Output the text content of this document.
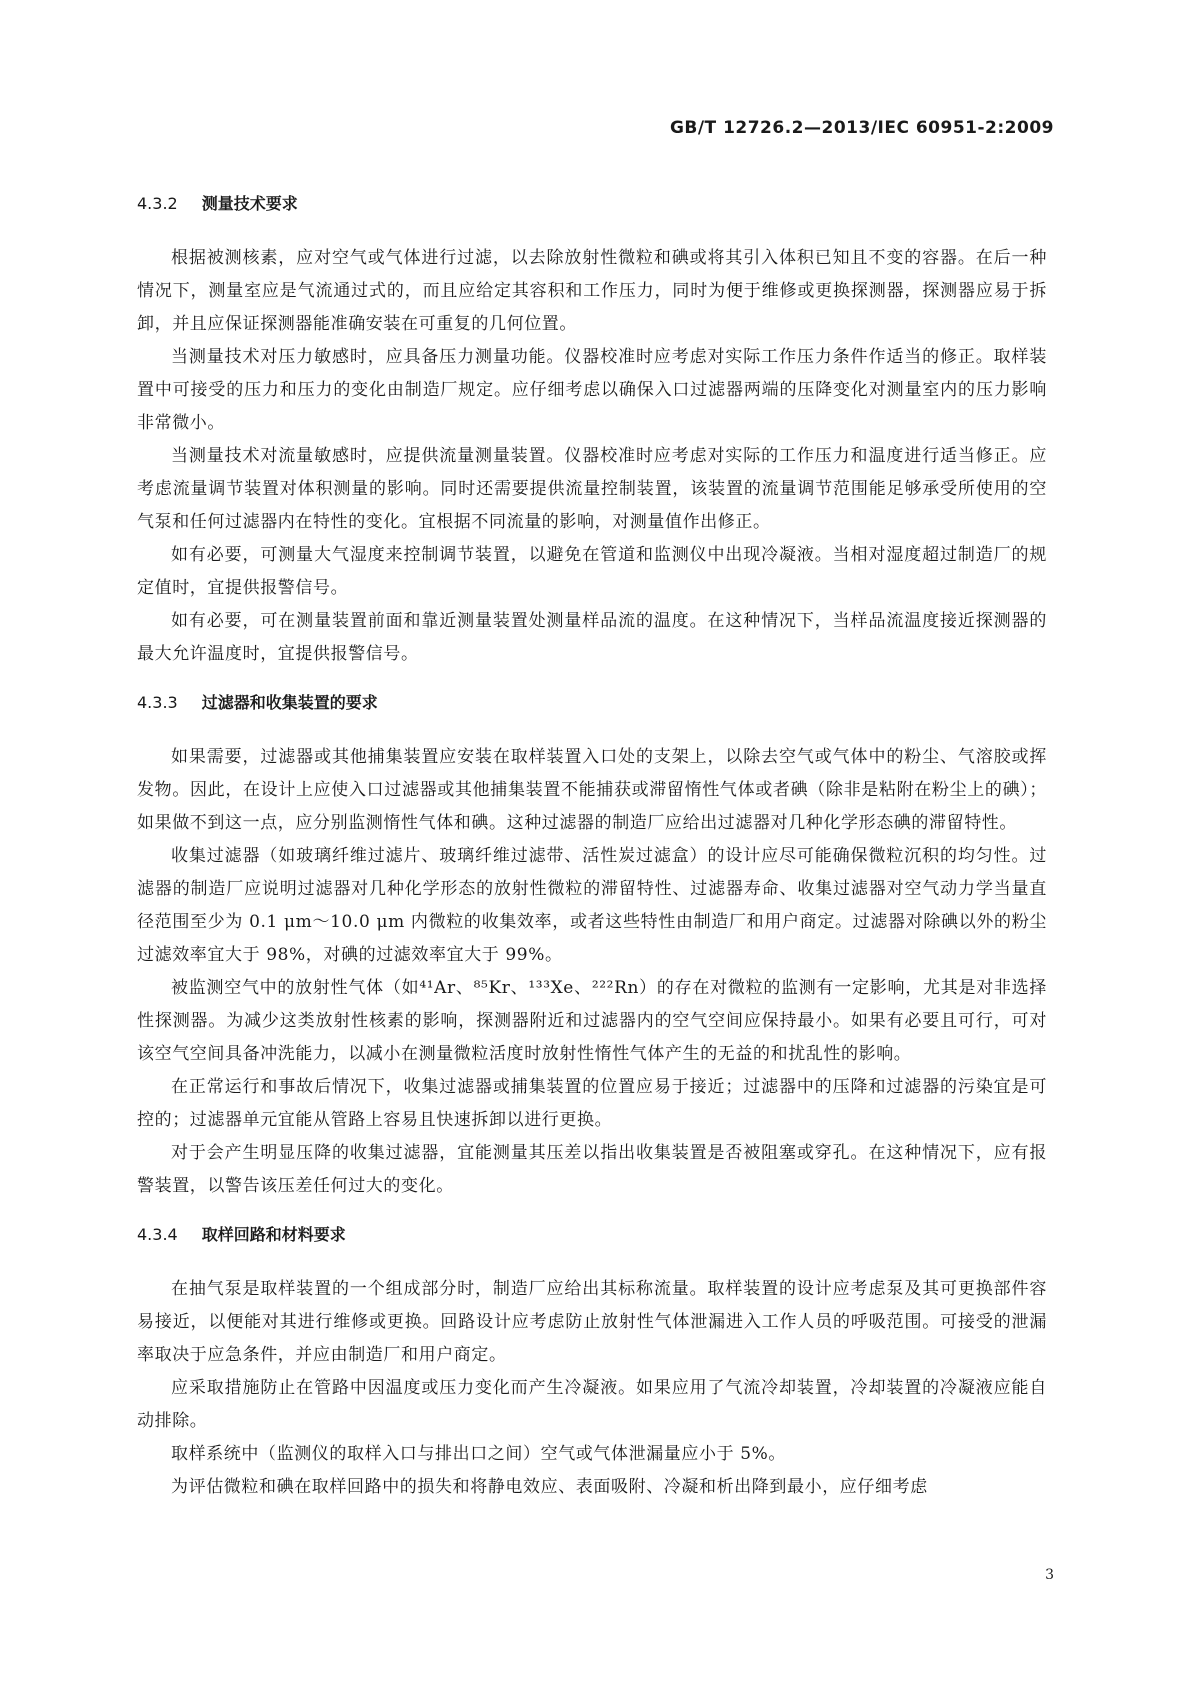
GB/T 12726.2—2013/IEC 60951-2:2009
4.3.2 测量技术要求

根据被测核素，应对空气或气体进行过滤，以去除放射性微粒和碘或将其引入体积已知且不变的容器。在后一种情况下，测量室应是气流通过式的，而且应给定其容积和工作压力，同时为便于维修或更换探测器，探测器应易于拆卸，并且应保证探测器能准确安装在可重复的几何位置。

当测量技术对压力敏感时，应具备压力测量功能。仪器校准时应考虑对实际工作压力条件作适当的修正。取样装置中可接受的压力和压力的变化由制造厂规定。应仔细考虑以确保入口过滤器两端的压降变化对测量室内的压力影响非常微小。

当测量技术对流量敏感时，应提供流量测量装置。仪器校准时应考虑对实际的工作压力和温度进行适当修正。应考虑流量调节装置对体积测量的影响。同时还需要提供流量控制装置，该装置的流量调节范围能足够承受所使用的空气泵和任何过滤器内在特性的变化。宜根据不同流量的影响，对测量值作出修正。

如有必要，可测量大气湿度来控制调节装置，以避免在管道和监测仪中出现冷凝液。当相对湿度超过制造厂的规定值时，宜提供报警信号。

如有必要，可在测量装置前面和靠近测量装置处测量样品流的温度。在这种情况下，当样品流温度接近探测器的最大允许温度时，宜提供报警信号。

4.3.3 过滤器和收集装置的要求

如果需要，过滤器或其他捕集装置应安装在取样装置入口处的支架上，以除去空气或气体中的粉尘、气溶胶或挥发物。因此，在设计上应使入口过滤器或其他捕集装置不能捕获或滞留惰性气体或者碘（除非是粘附在粉尘上的碘）；如果做不到这一点，应分别监测惰性气体和碘。这种过滤器的制造厂应给出过滤器对几种化学形态碘的滞留特性。

收集过滤器（如玻璃纤维过滤片、玻璃纤维过滤带、活性炭过滤盒）的设计应尽可能确保微粒沉积的均匀性。过滤器的制造厂应说明过滤器对几种化学形态的放射性微粒的滞留特性、过滤器寿命、收集过滤器对空气动力学当量直径范围至少为 0.1 μm～10.0 μm 内微粒的收集效率，或者这些特性由制造厂和用户商定。过滤器对除碘以外的粉尘过滤效率宜大于 98%，对碘的过滤效率宜大于 99%。

被监测空气中的放射性气体（如⁴¹Ar、⁸⁵Kr、¹³³Xe、²²²Rn）的存在对微粒的监测有一定影响，尤其是对非选择性探测器。为减少这类放射性核素的影响，探测器附近和过滤器内的空气空间应保持最小。如果有必要且可行，可对该空气空间具备冲洗能力，以减小在测量微粒活度时放射性惰性气体产生的无益的和扰乱性的影响。

在正常运行和事故后情况下，收集过滤器或捕集装置的位置应易于接近；过滤器中的压降和过滤器的污染宜是可控的；过滤器单元宜能从管路上容易且快速拆卸以进行更换。

对于会产生明显压降的收集过滤器，宜能测量其压差以指出收集装置是否被阻塞或穿孔。在这种情况下，应有报警装置，以警告该压差任何过大的变化。

4.3.4 取样回路和材料要求

在抽气泵是取样装置的一个组成部分时，制造厂应给出其标称流量。取样装置的设计应考虑泵及其可更换部件容易接近，以便能对其进行维修或更换。回路设计应考虑防止放射性气体泄漏进入工作人员的呼吸范围。可接受的泄漏率取决于应急条件，并应由制造厂和用户商定。

应采取措施防止在管路中因温度或压力变化而产生冷凝液。如果应用了气流冷却装置，冷却装置的冷凝液应能自动排除。

取样系统中（监测仪的取样入口与排出口之间）空气或气体泄漏量应小于 5%。

为评估微粒和碘在取样回路中的损失和将静电效应、表面吸附、冷凝和析出降到最小，应仔细考虑

3
